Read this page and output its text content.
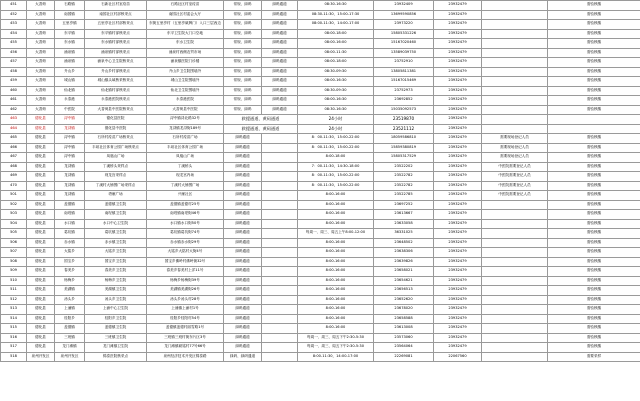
451	大香荷	石路镇	石新社区村室疫苗	石路社区村室疫苗	常规、绿码	绿码通道	08:30-16:30	23932409	23932479		需验核酸
452	大香荷	南园镇	南园社区村部核采点	南园社区村委会大厅	常规、绿码	绿码通道	08:30-11:30、15:00-17:30	13699590856	23932479		需验核酸
453	大香荷	五里亭镇	五里亭社区村部核采点	东街五里亭村（五里亭崴牌门）入口三层西边	常规、绿码	绿码通道	08:00-11:30、14:00-17:00	23973220	23932479		需验核酸
454	大香荷	东平镇	东平镇村部核采点	东平卫生院大门口空地	常规、绿码	绿码通道	08:00-18:00	15805331226	23932479		需验核酸
455	大香荷	东水镇	东水镇村部核采点	东水卫生院	常规、绿码	绿码通道	08:00-16:00	15167020460	23932479		需验核酸
456	大香荷	涌泉镇	涌泉镇村部核采点	涌泉村西侧农贸市场	常规、绿码	绿码通道	08:00-11:30	13589039750	23932479		需验核酸
457	大香荷	涌泉镇	涌泉中心卫生院核采点	涌泉镇医院门诊楼	常规、绿码	绿码通道	08:00-18:00	23752910	23932479		需验核酸
458	大香荷	升山乡	升山乡村部核采点	升山乡卫生院围墙外	常规、绿码	绿码通道	08:30-09:30	13805811381	23932479		需验核酸
459	大香荷	城山镇	城山镇头域核采核采点	城山卫生院围墙外	常规、绿码	绿码通道	08:00-16:30	15167015469	23932479		需验核酸
460	大香荷	仙北镇	仙北镇村部核采点	仙北卫生院围墙外	常规、绿码	绿码通道	08:30-09:30	23752973	23932479		需验核酸
461	大香荷	永泰港	永泰港医院核采点	永泰港医院	常规、绿码	绿码通道	08:00-16:30	23692852	23932479		需验核酸
462	大香荷	中医院	大香荷县中医院核采点	大香荷县中医院	常规、绿码	绿码通道	08:30-16:30	15035092573	23932479		需验核酸
463	德化县	浔中镇	德化县医院	浔中镇浔北路32号	救援通道、黄码通道		24小时	23519870	23932479		
464	德化县	龙浔镇	德化县中医院	龙浔镇龙浔街189号	救援通道、黄码通道		24小时	23521112	23932479		
465	德化县	浔中镇	石所村疫苗广场核采点	石所村疫苗广场	绿码通道		8：00-11:30，15:00-22:00	18059586810	23932479	需要现场登记人员	需验核酸
466	德化县	浔中镇	丰坦社区体育公园广场核采点	丰坦社区体育公园广场	绿码通道		8：00-11:30，15:00-22:00	15859380819	23932479	需要现场登记人员	需验核酸
467	德化县	浔中镇	凤凰山广场	凤凰山广场	绿码通道		8:00-18:00	15805317529	23932479	需要现场登记人员	需验核酸
468	德化县	龙浔镇	丁溪桥头采样点	丁溪桥头	绿码通道		7：00-11:30，14:30-18:00	23522202	23932479	中医院需要登记人员	需验核酸
469	德化县	龙浔镇	现龙宫采样点	现龙宫内场	绿码通道		8：00-11:30，15:00-22:00	23522782	23932479	中医院需要登记人员	需验核酸
470	德化县	龙浔镇	丁溪村大铺围广场采样点	丁溪村大铺围广场	绿码通道		8：00-11:30，15:00-22:00	23522782	23932479	中医院需要登记人员	需验核酸
501	德化县	龙浔镇	塔雁广场	兴雁社区	绿码通道		8:00-16:00	23522785	23932479	中医院需要登记人员	需验核酸
502	德化县	盖德镇	盖德镇卫生院	盖德镇盖德村25号	绿码通道		8:00-16:00	23697252	23932479		需验核酸
503	德化县	南埕镇	南埕镇卫生院	南埕镇南埕街46号	绿码通道		8:00-16:00	23613667	23932479		需验核酸
504	德化县	水口镇	水口中心卫生院	水口镇水口街50号	绿码通道		8:00-16:00	23633058	23932479		需验核酸
505	德化县	葛坑镇	葛坑镇卫生院	葛坑镇葛坑街74号	绿码通道		每周一、周三、周五上午8:00-12:00	36331025	23932479		需验核酸
506	德化县	赤水镇	赤水镇卫生院	赤水镇赤水街29号	绿码通道		8:00-16:00	23648502	23932479		需验核酸
507	德化县	大铭乡	大铭乡卫生院	大铭乡大铭村大街4号	绿码通道		8:00-16:00	23638306	23932479		需验核酸
508	德化县	国宝乡	国宝乡卫生院	国宝乡佛岭村佛岭街32号	绿码通道		8:00-16:00	23639826	23932479		需验核酸
509	德化县	春美乡	春美乡卫生院	春美乡春美村上洋11号	绿码通道		8:00-16:00	23658021	23932479		需验核酸
510	德化县	杨梅乡	杨梅乡卫生院	杨梅乡杨梅街39号	绿码通道		8:00-16:00	23654621	23932479		需验核酸
511	德化县	美湖镇	美湖镇卫生院	美湖镇美湖街26号	绿码通道		8:00-16:00	23656513	23932479		需验核酸
512	德化县	汤头乡	汤头乡卫生院	汤头乡汤头村28号	绿码通道		8:00-16:00	23652620	23932479		需验核酸
513	德化县	上涌镇	上涌中心卫生院	上涌镇上涌村1号	绿码通道		8:00-16:00	23678020	23932479		需验核酸
514	德化县	桂阳乡	桂阳乡卫生院	桂阳乡桂阳村54号	绿码通道		8:00-16:00	23658588	23932479		需验核酸
515	德化县	盖德镇	盖德镇卫生院	盖德镇盖德村丽雪路1号	绿码通道		8:00-16:00	23613008	23932479		需验核酸
516	德化县	三班镇	三班镇卫生院	三班镇三班村街东片区3号	绿码通道		每周一、周三、周五下午2:30-5:30	23573060	23932479		需验核酸
517	德化县	龙门滩镇	龙门滩镇卫生院	龙门滩镇硕铭村77号66号	绿码通道		每周一、周三、周五下午2:30-5:30	23564064	23932479		需验核酸
518	泉州开发区	泉州开发区	锦泰医院核采点	泉州经济技术开发区锦泰路	绿码、绿码通道		8:00-11:30，14:00-17:00	22269081	22067560		需要采样
